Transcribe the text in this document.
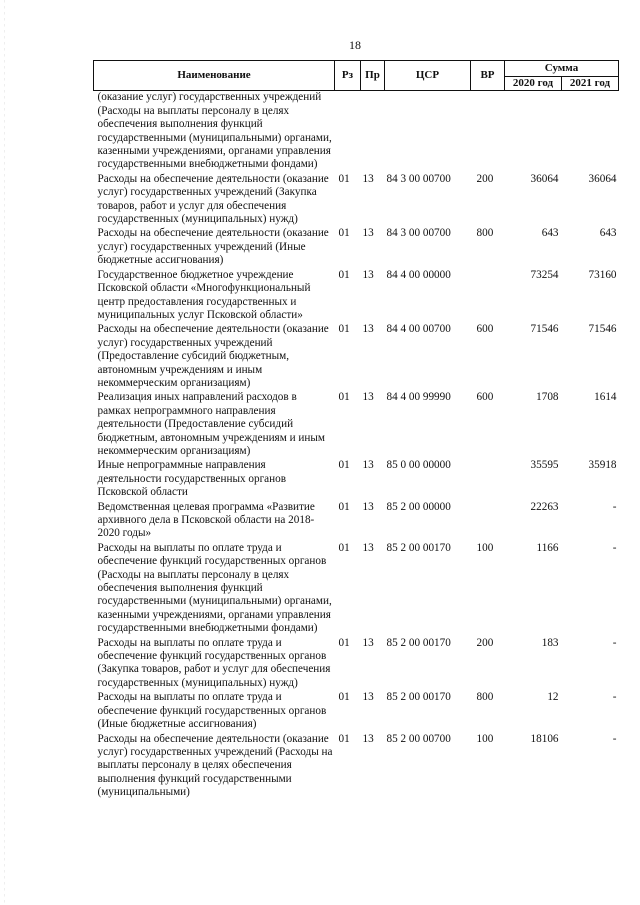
18
Наименование	Рз	Пр	ЦСР	ВР	Сумма	
					2020 год	2021 год
(оказание услуг) государственных учреждений (Расходы на выплаты персоналу в целях обеспечения выполнения функций государственными (муниципальными) органами, казенными учреждениями, органами управления государственными внебюджетными фондами)						
Расходы на обеспечение деятельности (оказание услуг) государственных учреждений (Закупка товаров, работ и услуг для обеспечения государственных (муниципальных) нужд)	01	13	84 3 00 00700	200	36064	36064
Расходы на обеспечение деятельности (оказание услуг) государственных учреждений (Иные бюджетные ассигнования)	01	13	84 3 00 00700	800	643	643
Государственное бюджетное учреждение Псковской области «Многофункциональный центр предоставления государственных и муниципальных услуг Псковской области»	01	13	84 4 00 00000		73254	73160
Расходы на обеспечение деятельности (оказание услуг) государственных учреждений (Предоставление субсидий бюджетным, автономным учреждениям и иным некоммерческим организациям)	01	13	84 4 00 00700	600	71546	71546
Реализация иных направлений расходов в рамках непрограммного направления деятельности (Предоставление субсидий бюджетным, автономным учреждениям и иным некоммерческим организациям)	01	13	84 4 00 99990	600	1708	1614
Иные непрограммные направления деятельности государственных органов Псковской области	01	13	85 0 00 00000		35595	35918
Ведомственная целевая программа «Развитие архивного дела в Псковской области на 2018-2020 годы»	01	13	85 2 00 00000		22263	-
Расходы на выплаты по оплате труда и обеспечение функций государственных органов (Расходы на выплаты персоналу в целях обеспечения выполнения функций государственными (муниципальными) органами, казенными учреждениями, органами управления государственными внебюджетными фондами)	01	13	85 2 00 00170	100	1166	-
Расходы на выплаты по оплате труда и обеспечение функций государственных органов (Закупка товаров, работ и услуг для обеспечения государственных (муниципальных) нужд)	01	13	85 2 00 00170	200	183	-
Расходы на выплаты по оплате труда и обеспечение функций государственных органов (Иные бюджетные ассигнования)	01	13	85 2 00 00170	800	12	-
Расходы на обеспечение деятельности (оказание услуг) государственных учреждений (Расходы на выплаты персоналу в целях обеспечения выполнения функций государственными (муниципальными)	01	13	85 2 00 00700	100	18106	-
